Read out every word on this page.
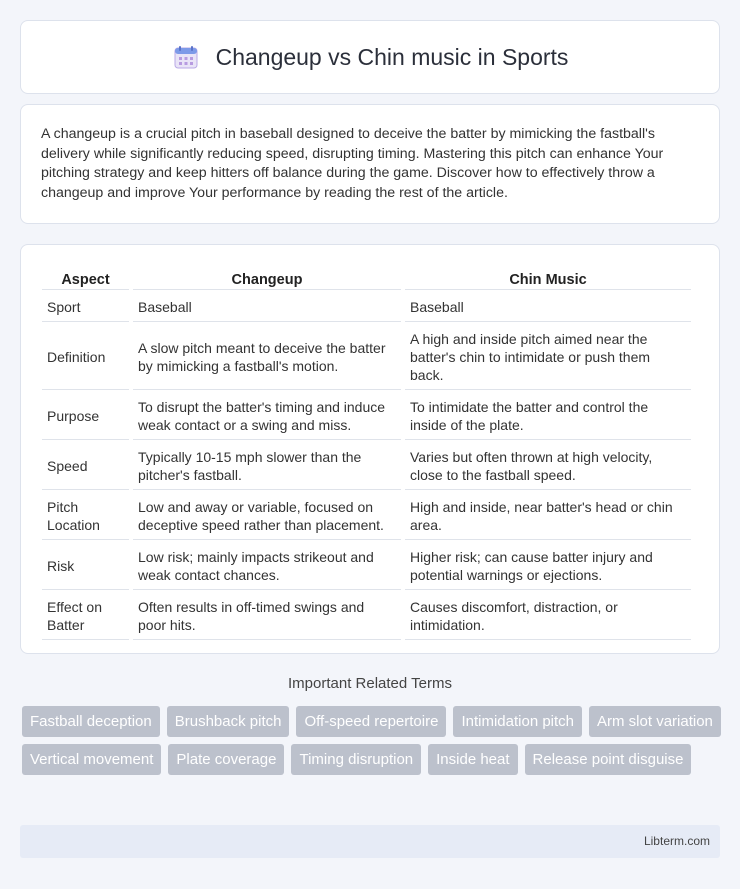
Changeup vs Chin music in Sports

A changeup is a crucial pitch in baseball designed to deceive the batter by mimicking the fastball's delivery while significantly reducing speed, disrupting timing. Mastering this pitch can enhance Your pitching strategy and keep hitters off balance during the game. Discover how to effectively throw a changeup and improve Your performance by reading the rest of the article.

Aspect	Changeup	Chin Music
Sport	Baseball	Baseball
Definition	A slow pitch meant to deceive the batter by mimicking a fastball's motion.	A high and inside pitch aimed near the batter's chin to intimidate or push them back.
Purpose	To disrupt the batter's timing and induce weak contact or a swing and miss.	To intimidate the batter and control the inside of the plate.
Speed	Typically 10-15 mph slower than the pitcher's fastball.	Varies but often thrown at high velocity, close to the fastball speed.
Pitch Location	Low and away or variable, focused on deceptive speed rather than placement.	High and inside, near batter's head or chin area.
Risk	Low risk; mainly impacts strikeout and weak contact chances.	Higher risk; can cause batter injury and potential warnings or ejections.
Effect on Batter	Often results in off-timed swings and poor hits.	Causes discomfort, distraction, or intimidation.
Important Related Terms
Fastball deception	Brushback pitch	Off-speed repertoire	Intimidation pitch	Arm slot variation
Vertical movement	Plate coverage	Timing disruption	Inside heat	Release point disguise
Libterm.com
